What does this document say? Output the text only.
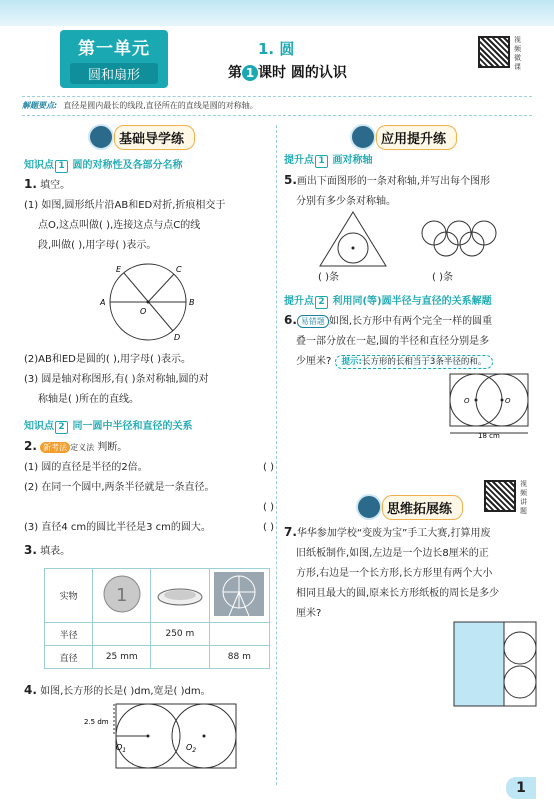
第一单元
圆和扇形
1. 圆
第 1 课时 圆的认识
视频微课
解题要点: 直径是圆内最长的线段,直径所在的直线是圆的对称轴。
基础导学练
知识点 1 圆的对称性及各部分名称
1. 填空。
(1) 如图,圆形纸片沿AB和ED对折,折痕相交于
点O,这点叫做( ),连接这点与点C的线
段,叫做( ),用字母( )表示。
E	C
A	B
O
D
(2)AB和ED是圆的( ),用字母( )表示。
(3) 圆是轴对称图形,有( )条对称轴,圆的对
称轴是( )所在的直线。
知识点 2 同一圆中半径和直径的关系
2. 新考法 定义法 判断。
(1) 圆的直径是半径的2倍。	( )
(2) 在同一个圆中,两条半径就是一条直径。
( )
(3) 直径4 cm的圆比半径是3 cm的圆大。	( )
3. 填表。
实物	1

半径		250 m	
直径	25 mm		88 m
4. 如图,长方形的长是( )dm,宽是( )dm。
2.5 dm
$O_1$	$O_2$
应用提升练
提升点 1 画对称轴
5.画出下面图形的一条对称轴,并写出每个图形
分别有多少条对称轴。
( )条	( )条
提升点 2 利用同(等)圆半径与直径的关系解题
6. 易错题 如图,长方形中有两个完全一样的圆重
叠一部分放在一起,圆的半径和直径分别是多
少厘米? 提示:长方形的长相当于3条半径的和。
O	O
18 cm
思维拓展练
视频讲题
7.华华参加学校“变废为宝”手工大赛,打算用废
旧纸板制作,如图,左边是一个边长8厘米的正
方形,右边是一个长方形,长方形里有两个大小
相同且最大的圆,原来长方形纸板的周长是多少
厘米?
1
